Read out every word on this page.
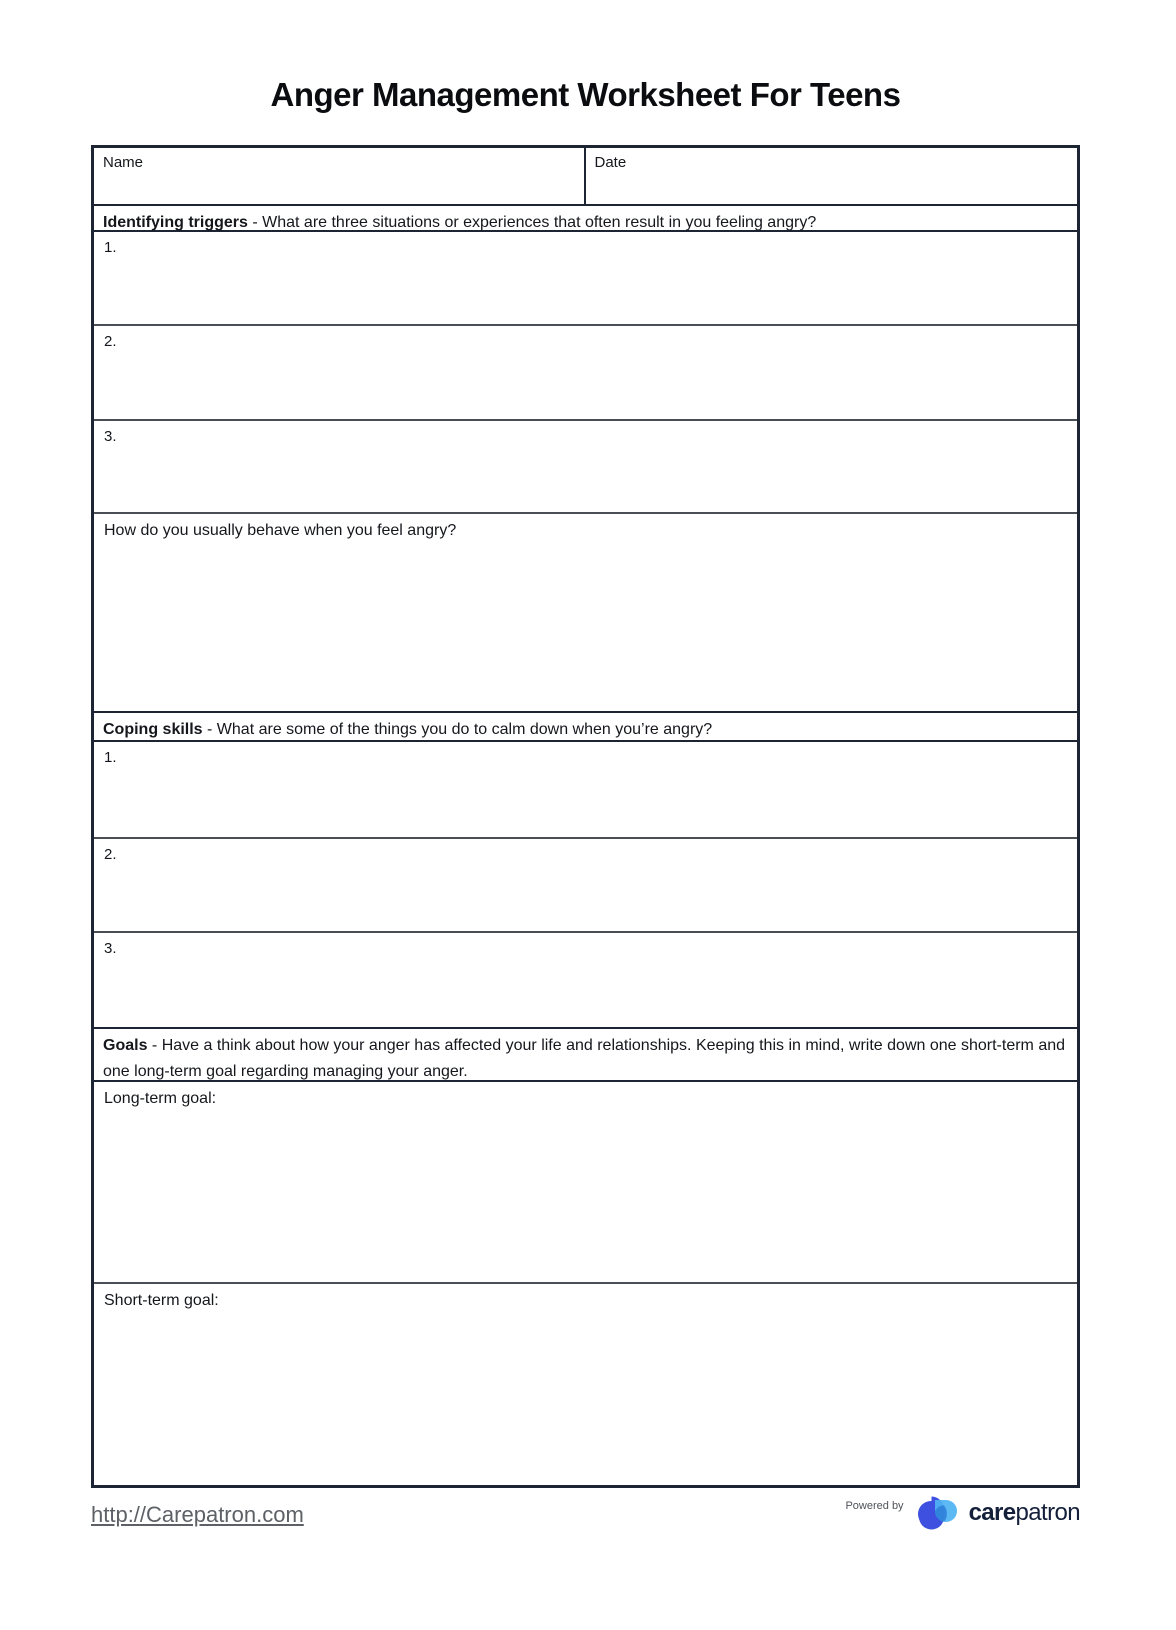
Anger Management Worksheet For Teens
Name	Date
Identifying triggers - What are three situations or experiences that often result in you feeling angry?
1.
2.
3.
How do you usually behave when you feel angry?
Coping skills - What are some of the things you do to calm down when you’re angry?
1.
2.
3.
Goals - Have a think about how your anger has affected your life and relationships. Keeping this in mind, write down one short-term and one long-term goal regarding managing your anger.
Long-term goal:
Short-term goal:
http://Carepatron.com	Powered by	carepatron
